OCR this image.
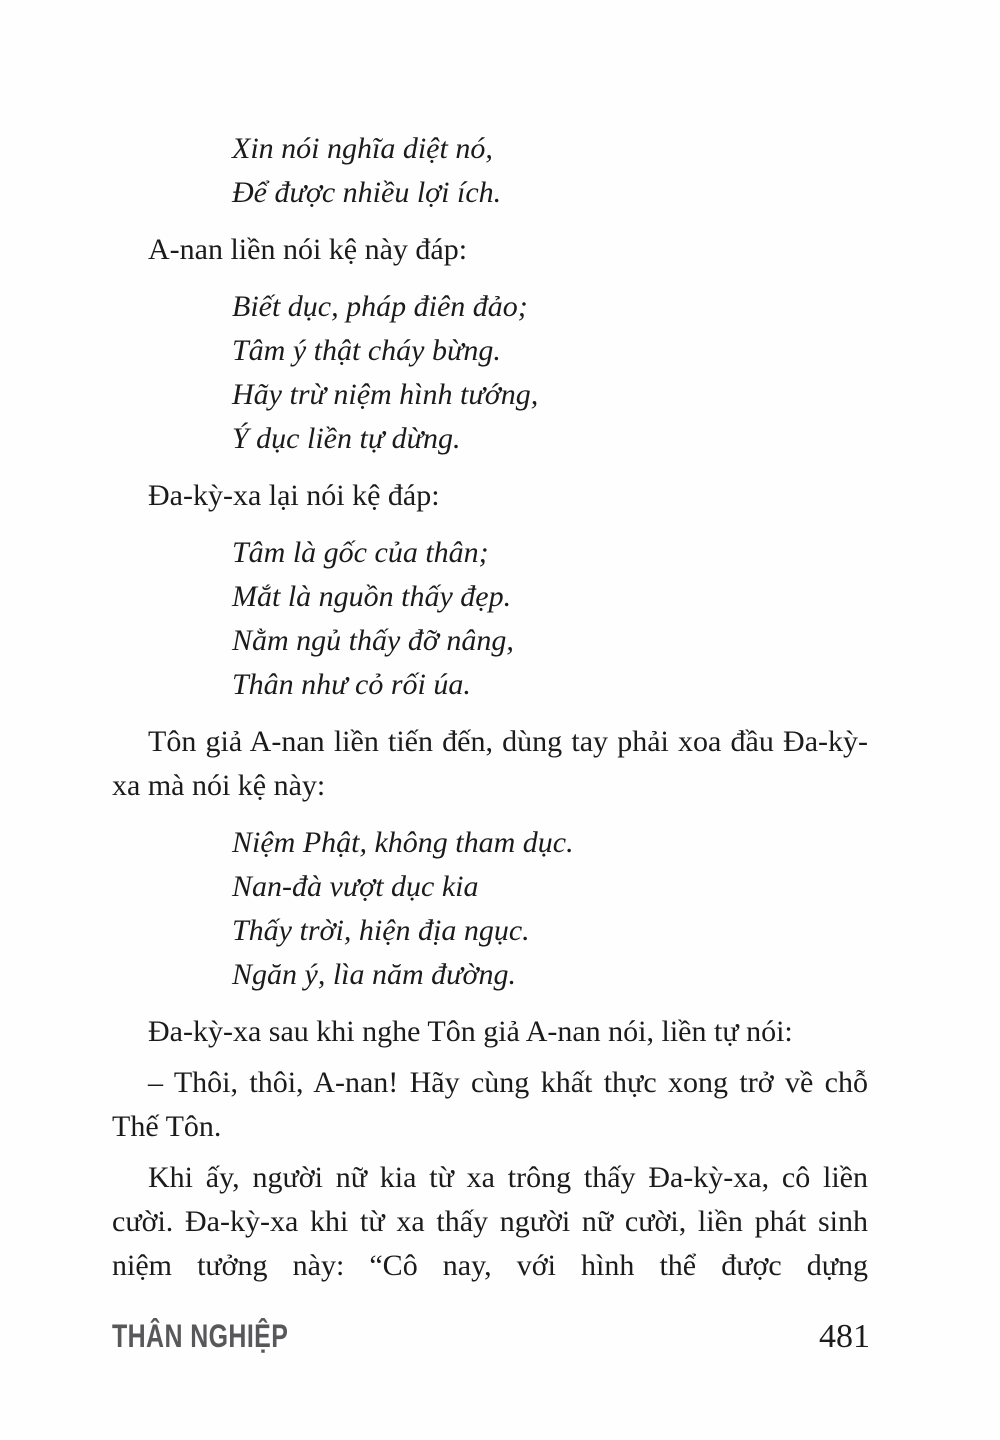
Xin nói nghĩa diệt nó,
Để được nhiều lợi ích.

A-nan liền nói kệ này đáp:

Biết dục, pháp điên đảo;
Tâm ý thật cháy bừng.
Hãy trừ niệm hình tướng,
Ý dục liền tự dừng.

Đa-kỳ-xa lại nói kệ đáp:

Tâm là gốc của thân;
Mắt là nguồn thấy đẹp.
Nằm ngủ thấy đỡ nâng,
Thân như cỏ rối úa.

Tôn giả A-nan liền tiến đến, dùng tay phải xoa đầu Đa-kỳ-xa mà nói kệ này:

Niệm Phật, không tham dục.
Nan-đà vượt dục kia
Thấy trời, hiện địa ngục.
Ngăn ý, lìa năm đường.

Đa-kỳ-xa sau khi nghe Tôn giả A-nan nói, liền tự nói:

– Thôi, thôi, A-nan! Hãy cùng khất thực xong trở về chỗ Thế Tôn.

Khi ấy, người nữ kia từ xa trông thấy Đa-kỳ-xa, cô liền cười. Đa-kỳ-xa khi từ xa thấy người nữ cười, liền phát sinh niệm tưởng này: “Cô nay, với hình thể được dựng

THÂN NGHIỆP	481
